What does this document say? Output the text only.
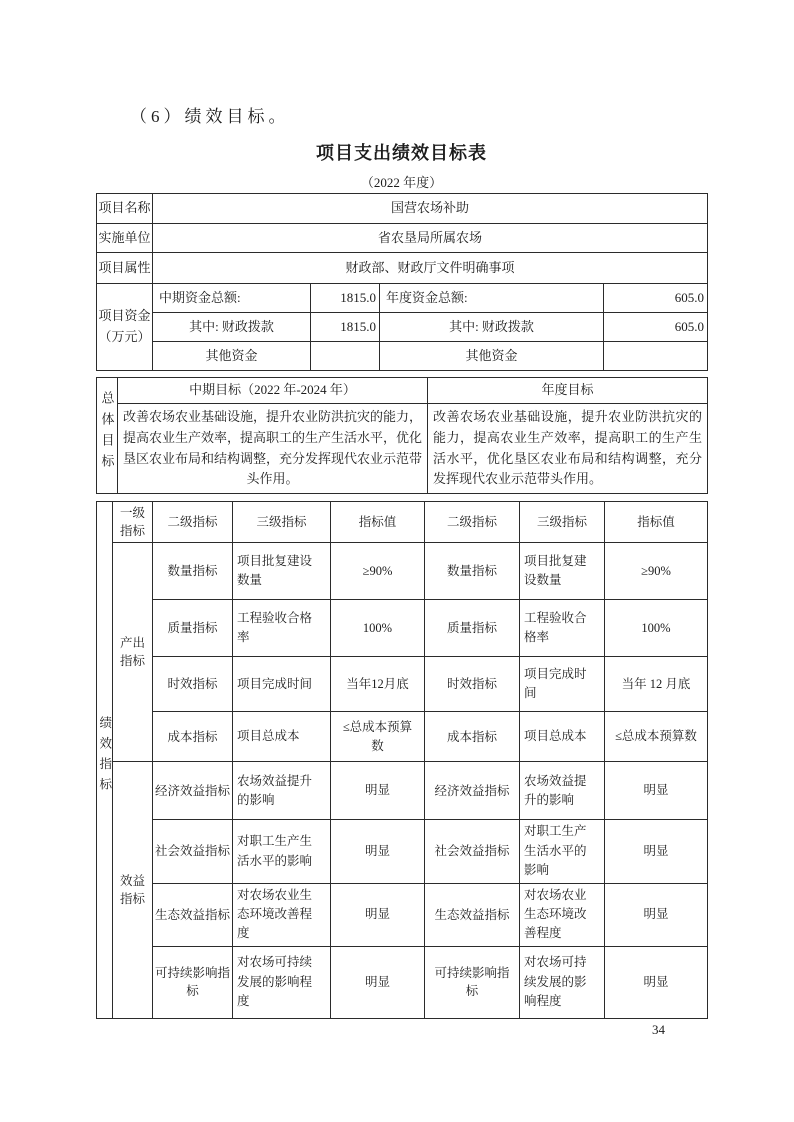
（6）绩效目标。
项目支出绩效目标表
（2022 年度）
项目名称	国营农场补助			
实施单位	省农垦局所属农场			
项目属性	财政部、财政厅文件明确事项			
项目资金（万元）	中期资金总额:	1815.0	年度资金总额:	605.0
	其中: 财政拨款	1815.0	其中: 财政拨款	605.0
	其他资金		其他资金	
总体目标	中期目标（2022 年-2024 年）	年度目标
	改善农场农业基础设施，提升农业防洪抗灾的能力，提高农业生产效率，提高职工的生产生活水平，优化垦区农业布局和结构调整，充分发挥现代农业示范带头作用。	改善农场农业基础设施，提升农业防洪抗灾的能力，提高农业生产效率，提高职工的生产生活水平，优化垦区农业布局和结构调整，充分发挥现代农业示范带头作用。
绩效指标	一级指标	二级指标	三级指标	指标值	二级指标	三级指标	指标值
	产出指标	数量指标	项目批复建设数量	≥90%	数量指标	项目批复建设数量	≥90%
		质量指标	工程验收合格率	100%	质量指标	工程验收合格率	100%
		时效指标	项目完成时间	当年12月底	时效指标	项目完成时间	当年 12 月底
		成本指标	项目总成本	≤总成本预算数	成本指标	项目总成本	≤总成本预算数
	效益指标	经济效益指标	农场效益提升的影响	明显	经济效益指标	农场效益提升的影响	明显
		社会效益指标	对职工生产生活水平的影响	明显	社会效益指标	对职工生产生活水平的影响	明显
		生态效益指标	对农场农业生态环境改善程度	明显	生态效益指标	对农场农业生态环境改善程度	明显
		可持续影响指标	对农场可持续发展的影响程度	明显	可持续影响指标	对农场可持续发展的影响程度	明显
34
